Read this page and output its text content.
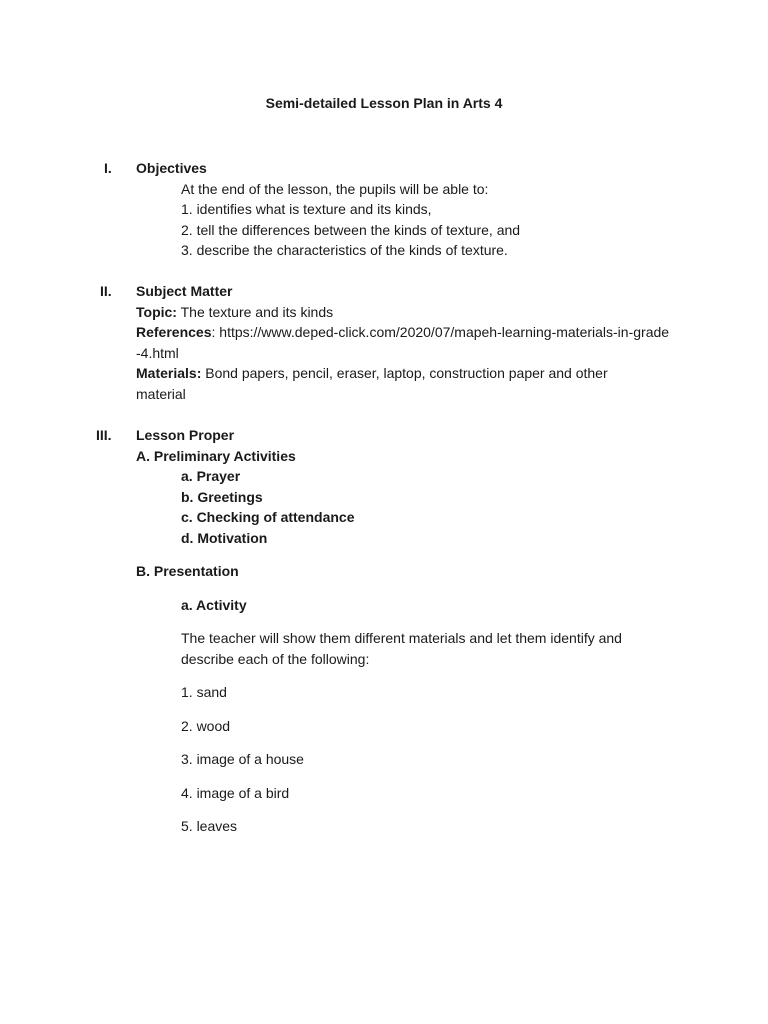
Semi-detailed Lesson Plan in Arts 4
I.	Objectives
At the end of the lesson, the pupils will be able to:
1. identifies what is texture and its kinds,
2. tell the differences between the kinds of texture, and
3. describe the characteristics of the kinds of texture.
II.	Subject Matter
Topic: The texture and its kinds
References: https://www.deped-click.com/2020/07/mapeh-learning-materials-in-grade-4.html
Materials: Bond papers, pencil, eraser, laptop, construction paper and other material
III.	Lesson Proper
A. Preliminary Activities
a. Prayer
b. Greetings
c. Checking of attendance
d. Motivation
B. Presentation
a. Activity
The teacher will show them different materials and let them identify and describe each of the following:
1. sand
2. wood
3. image of a house
4. image of a bird
5. leaves
